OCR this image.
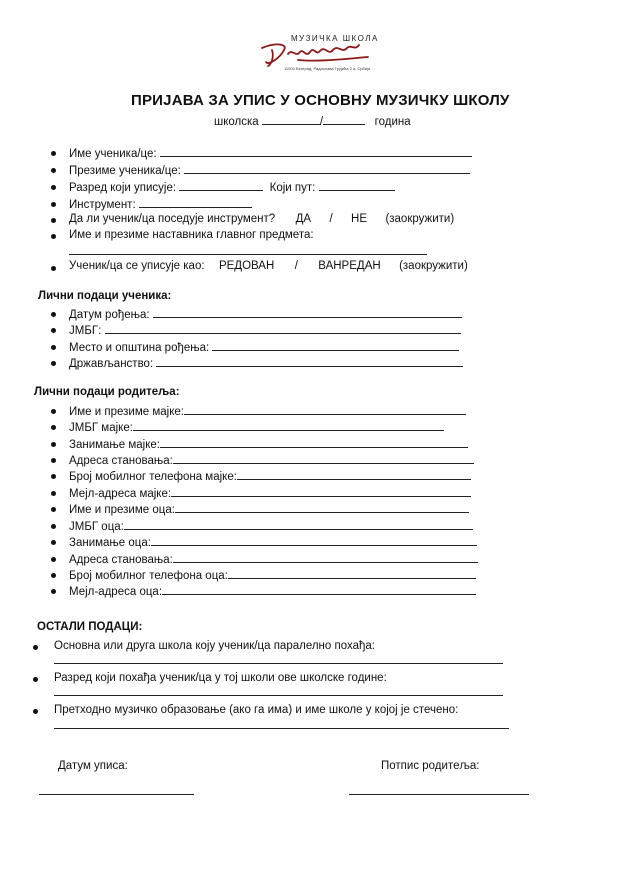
МУЗИЧКА ШКОЛА
11000 Београд, Радослава Грујића 2 а, Србија
ПРИЈАВА ЗА УПИС У ОСНОВНУ МУЗИЧКУ ШКОЛУ
школска	/	година
Име ученика/це:
Презиме ученика/це:
Разред који уписује:	Који пут:
Инструмент:
Да ли ученик/ца поседује инструмент? ДА / НЕ (заокружити)
Име и презиме наставника главног предмета:
Ученик/ца се уписује као: РЕДОВАН / ВАНРЕДАН (заокружити)
Лични подаци ученика:
Датум рођења:
ЈМБГ:
Место и општина рођења:
Држављанство:
Лични подаци родитеља:
Име и презиме мајке:
ЈМБГ мајке:
Занимање мајке:
Адреса становања:
Број мобилног телефона мајке:
Мејл-адреса мајке:
Име и презиме оца:
ЈМБГ оца:
Занимање оца:
Адреса становања:
Број мобилног телефона оца:
Мејл-адреса оца:
ОСТАЛИ ПОДАЦИ:
Основна или друга школа коју ученик/ца паралелно похађа:
Разред који похађа ученик/ца у тој школи ове школске године:
Претходно музичко образовање (ако га има) и име школе у којој је стечено:
Датум уписа:	Потпис родитеља:
